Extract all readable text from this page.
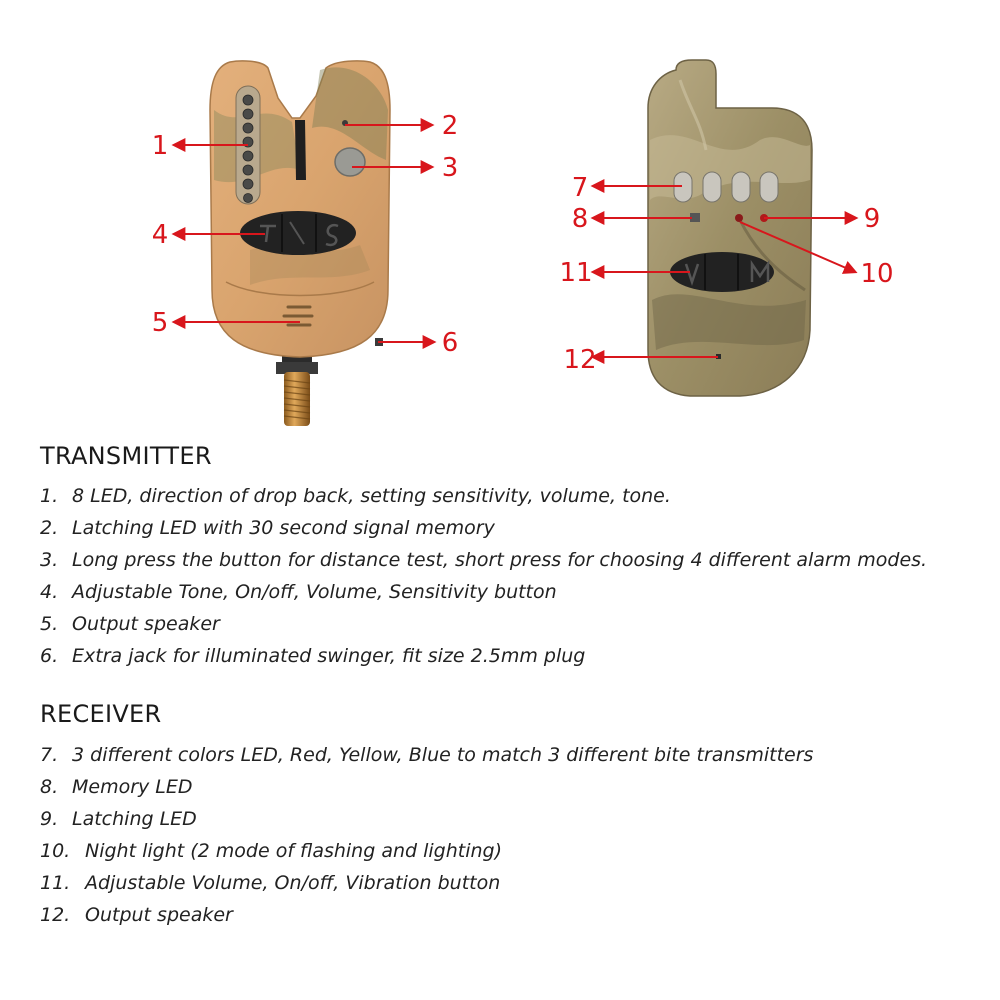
1
2
3
4
5
6
7
8	9
10
11
12
TRANSMITTER
1. 8 LED, direction of drop back, setting sensitivity, volume, tone.
2. Latching LED with 30 second signal memory
3. Long press the button for distance test, short press for choosing 4 different alarm modes.
4. Adjustable Tone, On/off, Volume, Sensitivity button
5. Output speaker
6. Extra jack for illuminated swinger, fit size 2.5mm plug
RECEIVER
7. 3 different colors LED, Red, Yellow, Blue to match 3 different bite transmitters
8. Memory LED
9. Latching LED
10. Night light (2 mode of flashing and lighting)
11. Adjustable Volume, On/off, Vibration button
12. Output speaker
